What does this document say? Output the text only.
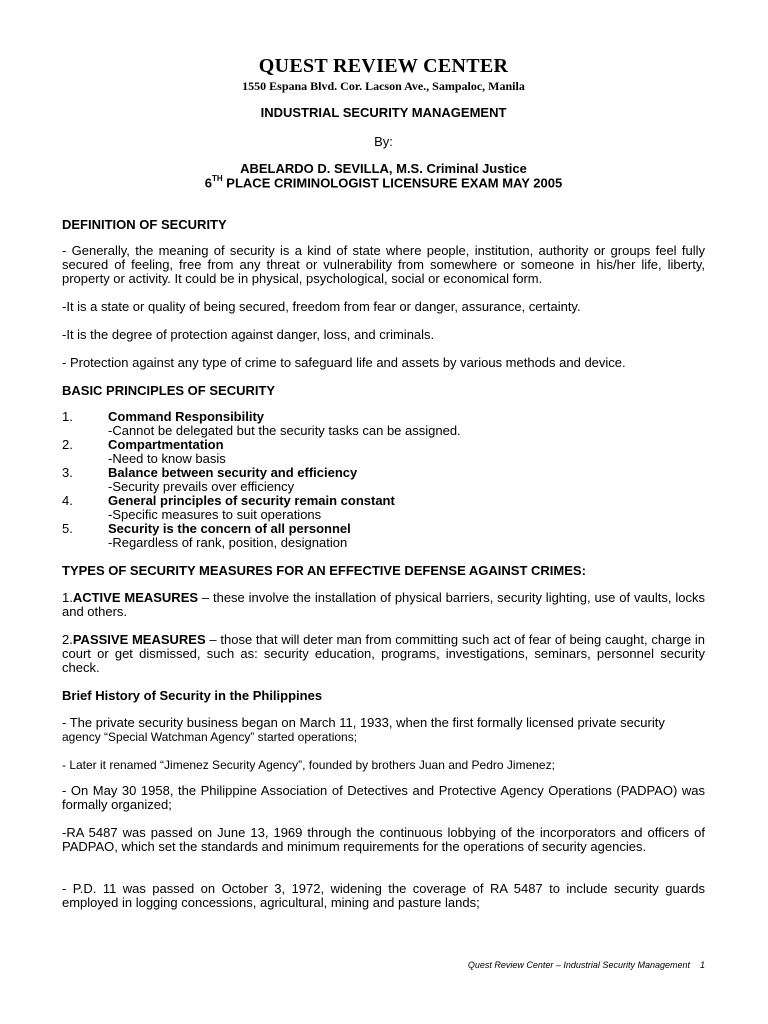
QUEST REVIEW CENTER
1550 Espana Blvd. Cor. Lacson Ave., Sampaloc, Manila
INDUSTRIAL SECURITY MANAGEMENT
By:
ABELARDO D. SEVILLA, M.S. Criminal Justice
6TH PLACE CRIMINOLOGIST LICENSURE EXAM MAY 2005
DEFINITION OF SECURITY
- Generally, the meaning of security is a kind of state where people, institution, authority or groups feel fully secured of feeling, free from any threat or vulnerability from somewhere or someone in his/her life, liberty, property or activity. It could be in physical, psychological, social or economical form.
-It is a state or quality of being secured, freedom from fear or danger, assurance, certainty.
-It is the degree of protection against danger, loss, and criminals.
- Protection against any type of crime to safeguard life and assets by various methods and device.
BASIC PRINCIPLES OF SECURITY
1.	Command Responsibility
-Cannot be delegated but the security tasks can be assigned.
2.	Compartmentation
-Need to know basis
3.	Balance between security and efficiency
-Security prevails over efficiency
4.	General principles of security remain constant
-Specific measures to suit operations
5.	Security is the concern of all personnel
-Regardless of rank, position, designation
TYPES OF SECURITY MEASURES FOR AN EFFECTIVE DEFENSE AGAINST CRIMES:
1.ACTIVE MEASURES – these involve the installation of physical barriers, security lighting, use of vaults, locks and others.
2.PASSIVE MEASURES – those that will deter man from committing such act of fear of being caught, charge in court or get dismissed, such as: security education, programs, investigations, seminars, personnel security check.
Brief History of Security in the Philippines
- The private security business began on March 11, 1933, when the first formally licensed private security
agency “Special Watchman Agency” started operations;
- Later it renamed “Jimenez Security Agency”, founded by brothers Juan and Pedro Jimenez;
- On May 30 1958, the Philippine Association of Detectives and Protective Agency Operations (PADPAO) was formally organized;
-RA 5487 was passed on June 13, 1969 through the continuous lobbying of the incorporators and officers of PADPAO, which set the standards and minimum requirements for the operations of security agencies.
- P.D. 11 was passed on October 3, 1972, widening the coverage of RA 5487 to include security guards employed in logging concessions, agricultural, mining and pasture lands;
Quest Review Center – Industrial Security Management 1
